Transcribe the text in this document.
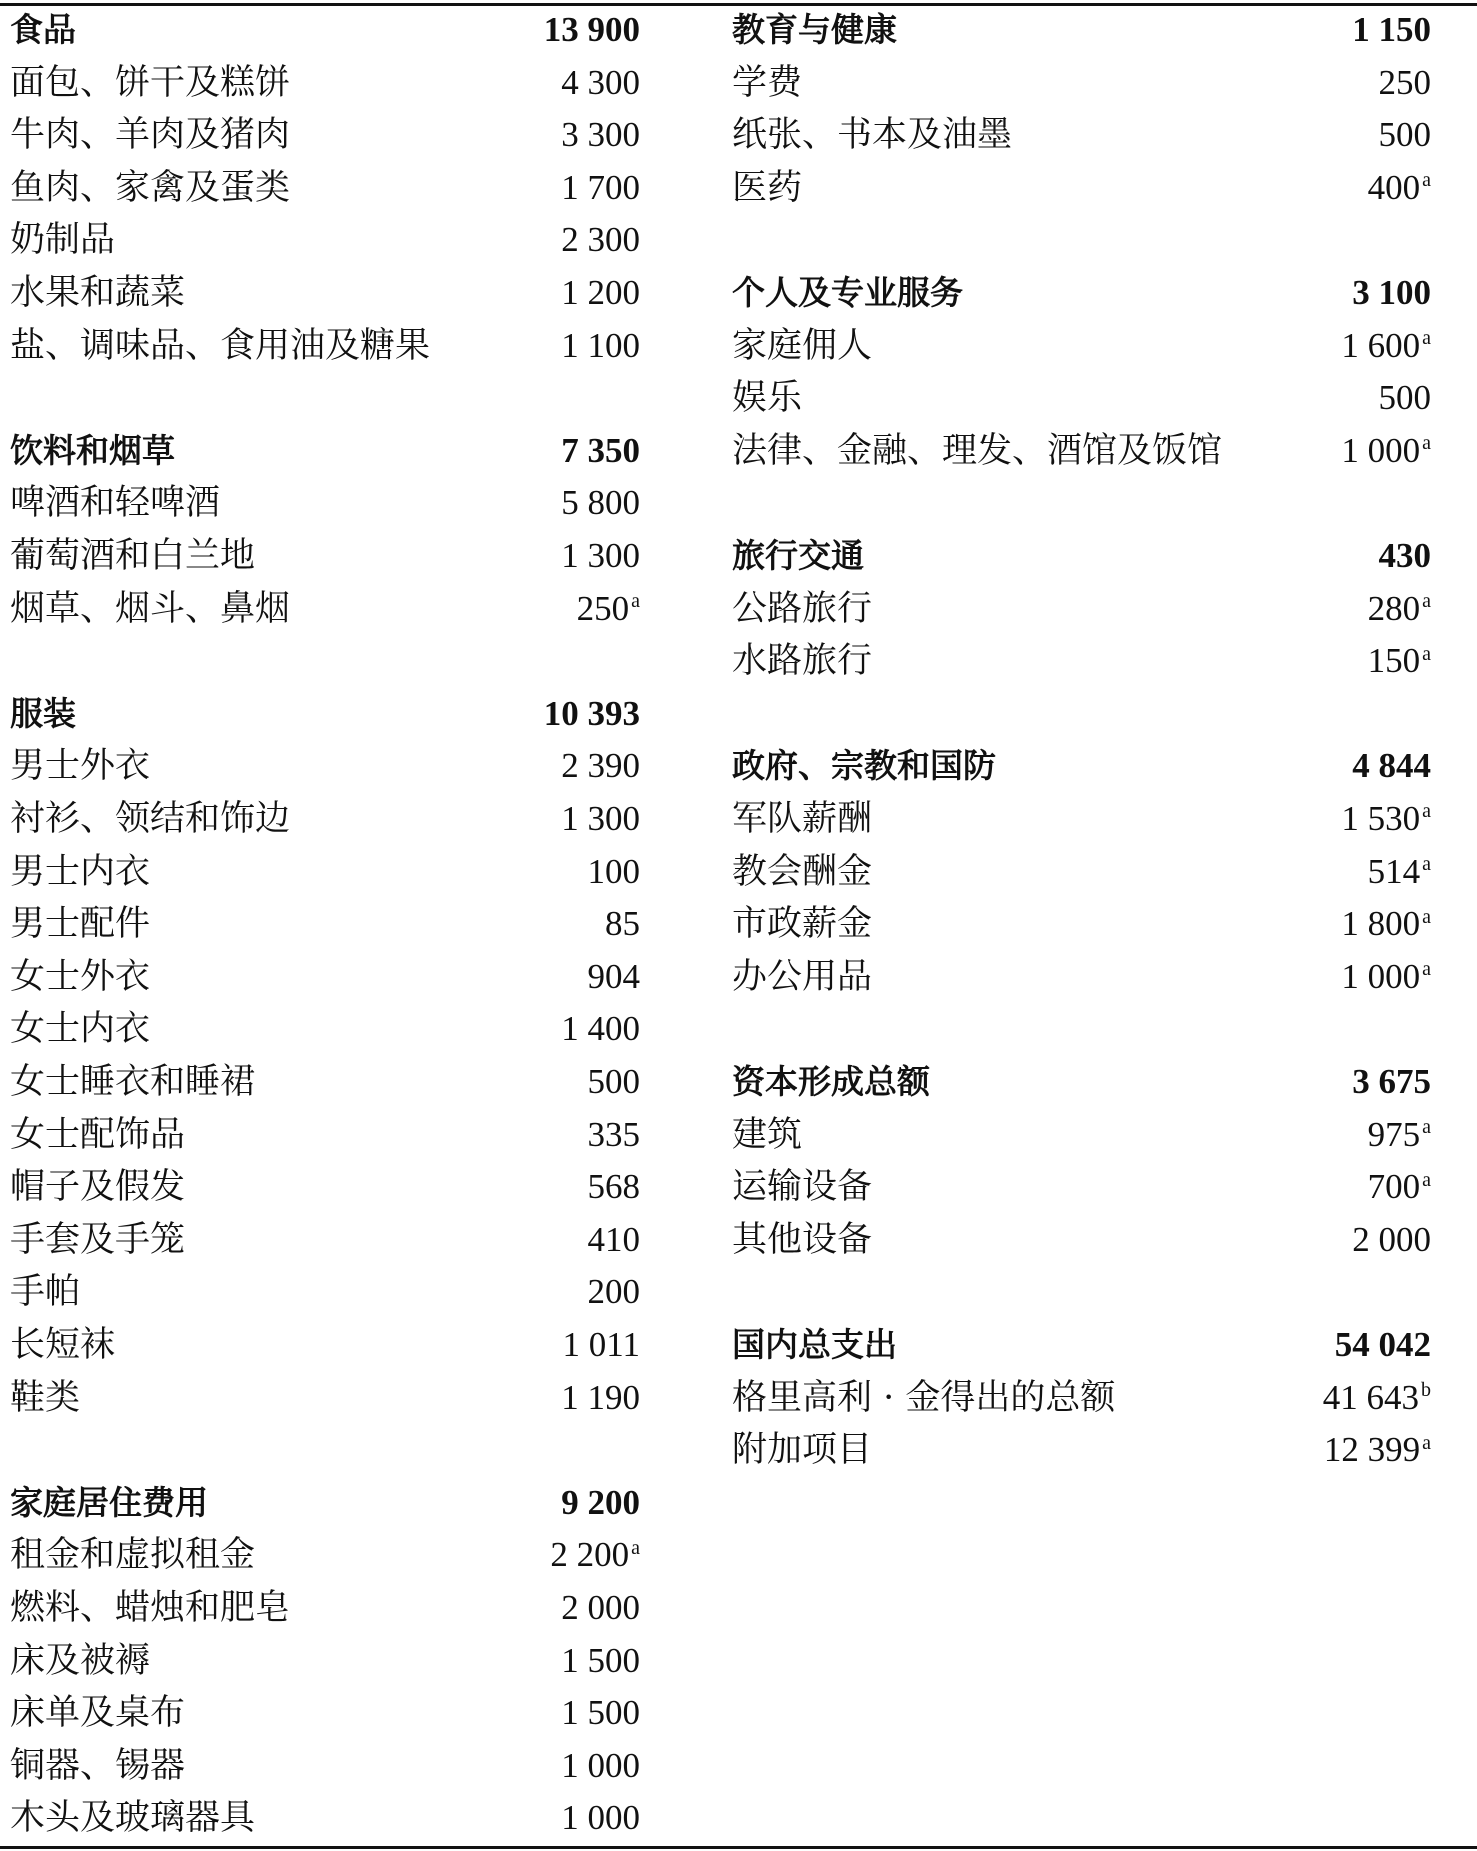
食品	13 900
面包、饼干及糕饼	4 300
牛肉、羊肉及猪肉	3 300
鱼肉、家禽及蛋类	1 700
奶制品	2 300
水果和蔬菜	1 200
盐、调味品、食用油及糖果	1 100
饮料和烟草	7 350
啤酒和轻啤酒	5 800
葡萄酒和白兰地	1 300
烟草、烟斗、鼻烟	250 $^a$
服装	10 393
男士外衣	2 390
衬衫、领结和饰边	1 300
男士内衣	100
男士配件	85
女士外衣	904
女士内衣	1 400
女士睡衣和睡裙	500
女士配饰品	335
帽子及假发	568
手套及手笼	410
手帕	200
长短袜	1 011
鞋类	1 190
家庭居住费用	9 200
租金和虚拟租金	2 200 $^a$
燃料、蜡烛和肥皂	2 000
床及被褥	1 500
床单及桌布	1 500
铜器、锡器	1 000
木头及玻璃器具	1 000
教育与健康	1 150
学费	250
纸张、书本及油墨	500
医药	400 $^a$
个人及专业服务	3 100
家庭佣人	1 600 $^a$
娱乐	500
法律、金融、理发、酒馆及饭馆	1 000 $^a$
旅行交通	430
公路旅行	280 $^a$
水路旅行	150 $^a$
政府、宗教和国防	4 844
军队薪酬	1 530 $^a$
教会酬金	514 $^a$
市政薪金	1 800 $^a$
办公用品	1 000 $^a$
资本形成总额	3 675
建筑	975 $^a$
运输设备	700 $^a$
其他设备	2 000
国内总支出	54 042
格里高利 · 金得出的总额	41 643 $^b$
附加项目	12 399 $^a$
